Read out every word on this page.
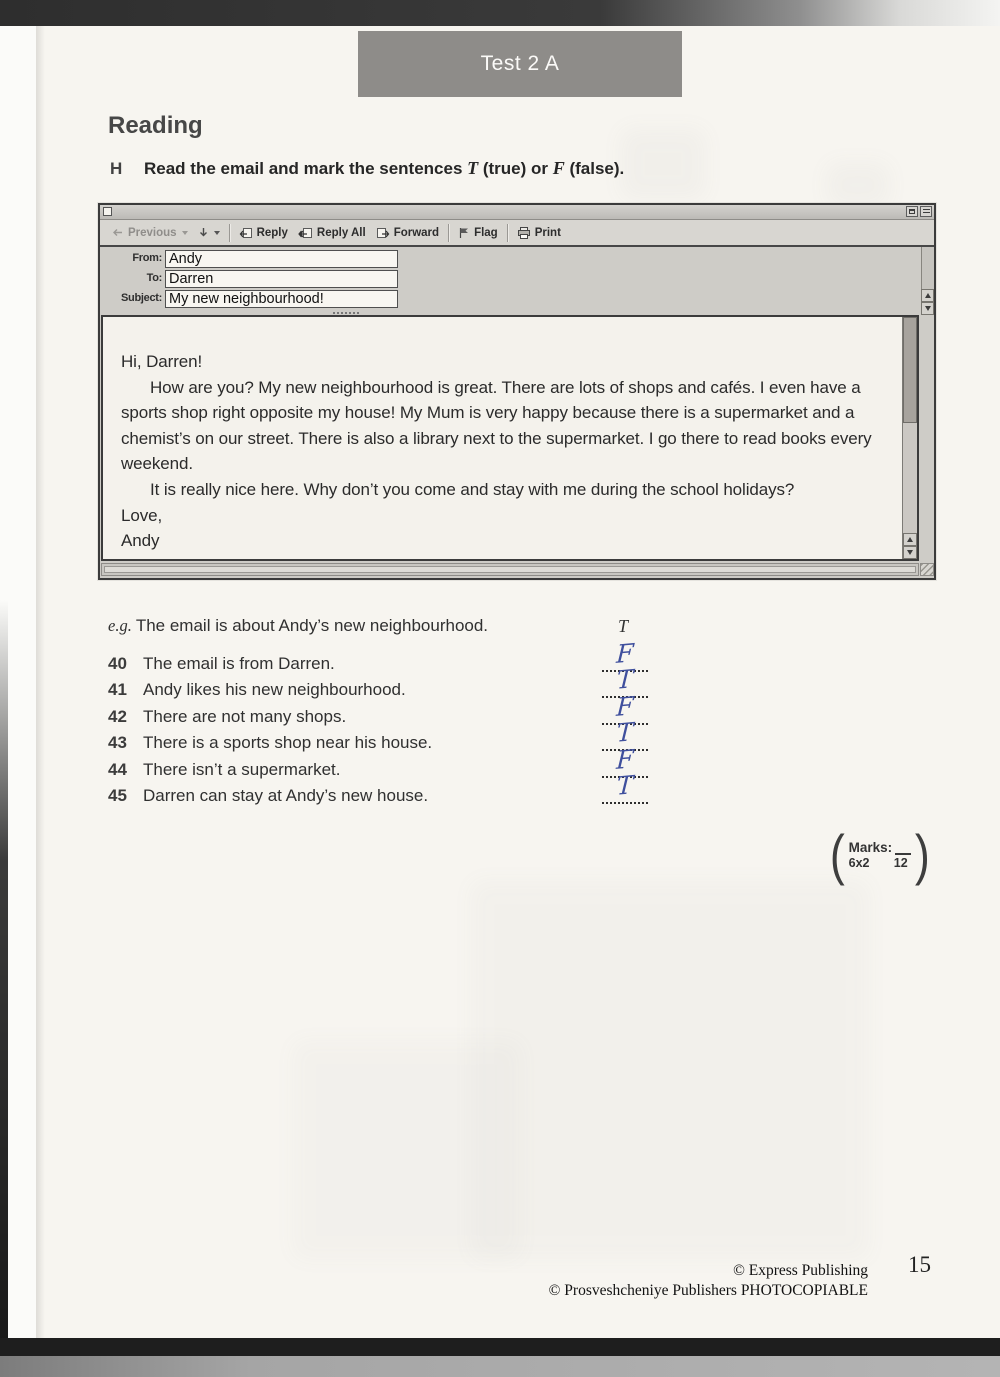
Test 2 A
Reading
H Read the email and mark the sentences T (true) or F (false).
Previous	Reply	Reply All Forward	Flag	Print
From:
Andy
To:
Darren
Subject:
My new neighbourhood!

Hi, Darren!

How are you? My new neighbourhood is great. There are lots of shops and cafés. I even have a sports shop right opposite my house! My Mum is very happy because there is a supermarket and a chemist’s on our street. There is also a library next to the supermarket. I go there to read books every weekend.

It is really nice here. Why don’t you come and stay with me during the school holidays?

Love,

Andy

e.g. The email is about Andy’s new neighbourhood.	T
40 The email is from Darren.	F
41 Andy likes his new neighbourhood.	T
42 There are not many shops.	F
43 There is a sports shop near his house.	T
44 There isn’t a supermarket.	F
45 Darren can stay at Andy’s new house.	T
( Marks:
6x2 12 )
© Express Publishing
© Prosveshcheniye Publishers PHOTOCOPIABLE
15
